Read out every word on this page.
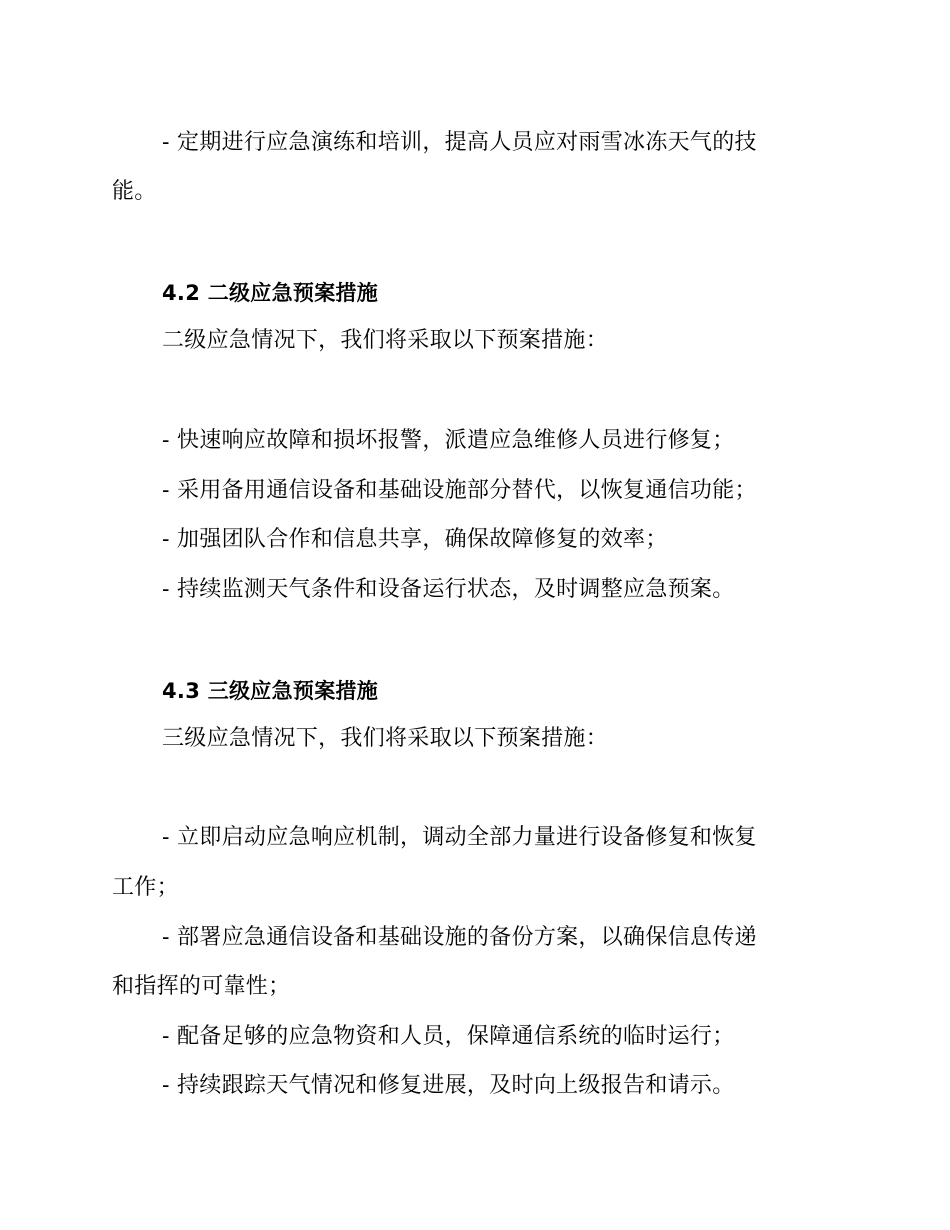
- 定期进行应急演练和培训，提高人员应对雨雪冰冻天气的技
能。
4.2 二级应急预案措施
二级应急情况下，我们将采取以下预案措施：
- 快速响应故障和损坏报警，派遣应急维修人员进行修复；
- 采用备用通信设备和基础设施部分替代，以恢复通信功能；
- 加强团队合作和信息共享，确保故障修复的效率；
- 持续监测天气条件和设备运行状态，及时调整应急预案。
4.3 三级应急预案措施
三级应急情况下，我们将采取以下预案措施：
- 立即启动应急响应机制，调动全部力量进行设备修复和恢复
工作；
- 部署应急通信设备和基础设施的备份方案，以确保信息传递
和指挥的可靠性；
- 配备足够的应急物资和人员，保障通信系统的临时运行；
- 持续跟踪天气情况和修复进展，及时向上级报告和请示。
